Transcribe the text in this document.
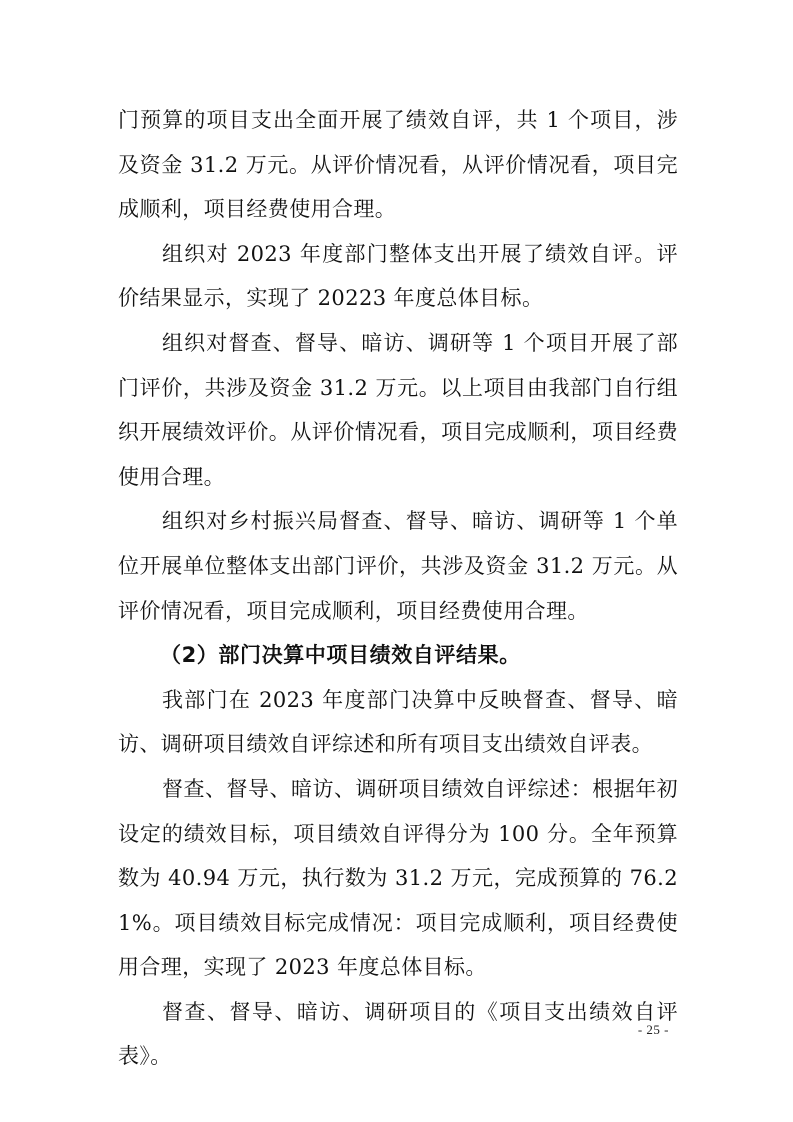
门预算的项目支出全面开展了绩效自评，共 1 个项目，涉及资金 31.2 万元。从评价情况看，从评价情况看，项目完成顺利，项目经费使用合理。

组织对 2023 年度部门整体支出开展了绩效自评。评价结果显示，实现了 20223 年度总体目标。

组织对督查、督导、暗访、调研等 1 个项目开展了部门评价，共涉及资金 31.2 万元。以上项目由我部门自行组织开展绩效评价。从评价情况看，项目完成顺利，项目经费使用合理。

组织对乡村振兴局督查、督导、暗访、调研等 1 个单位开展单位整体支出部门评价，共涉及资金 31.2 万元。从评价情况看，项目完成顺利，项目经费使用合理。

（2）部门决算中项目绩效自评结果。

我部门在 2023 年度部门决算中反映督查、督导、暗访、调研项目绩效自评综述和所有项目支出绩效自评表。

督查、督导、暗访、调研项目绩效自评综述：根据年初设定的绩效目标，项目绩效自评得分为 100 分。全年预算数为 40.94 万元，执行数为 31.2 万元，完成预算的 76.21%。项目绩效目标完成情况：项目完成顺利，项目经费使用合理，实现了 2023 年度总体目标。

督查、督导、暗访、调研项目的《项目支出绩效自评表》。

- 25 -
